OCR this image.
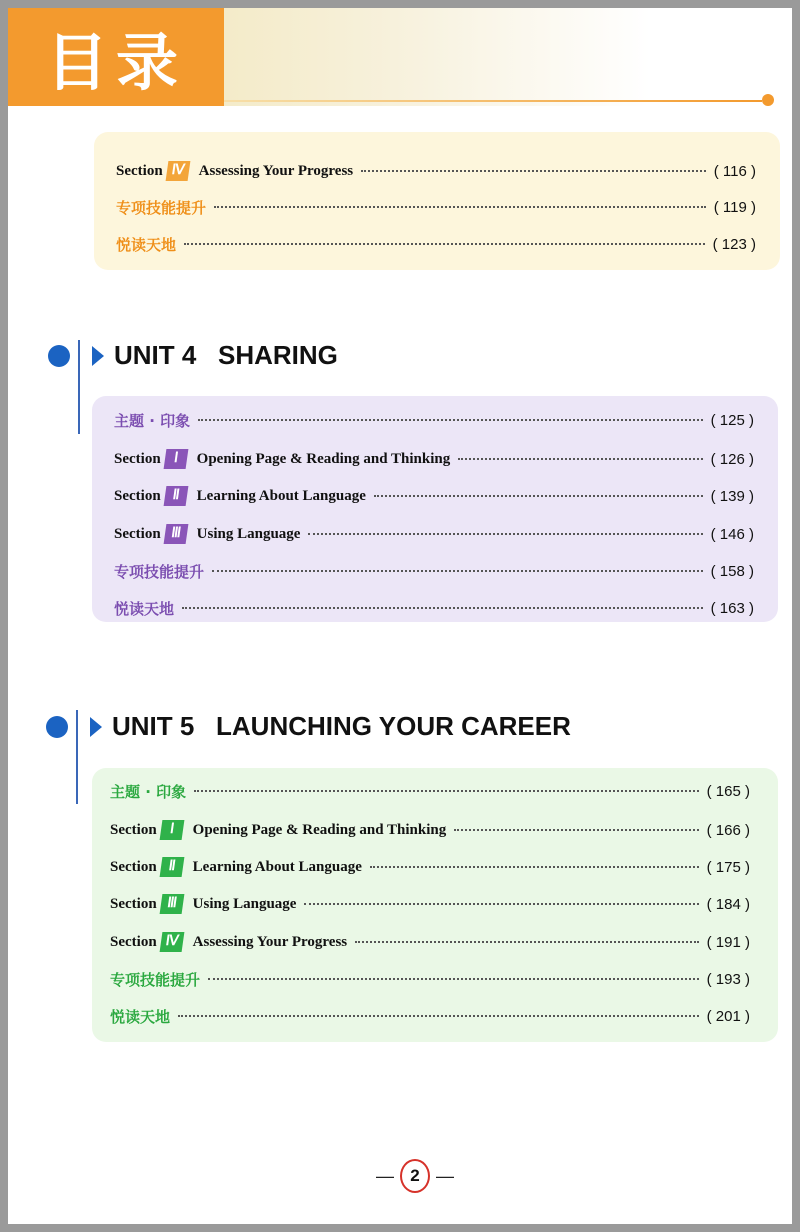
目录
Section Ⅳ Assessing Your Progress	( 116 )
专项技能提升	( 119 )
悦读天地	( 123 )
UNIT 4   SHARING
主题 · 印象	( 125 )
Section Ⅰ	Opening Page & Reading and Thinking	( 126 )
Section Ⅱ	Learning About Language	( 139 )
Section Ⅲ	Using Language	( 146 )
专项技能提升	( 158 )
悦读天地	( 163 )
UNIT 5   LAUNCHING YOUR CAREER
主题 · 印象	( 165 )
Section Ⅰ	Opening Page & Reading and Thinking	( 166 )
Section Ⅱ	Learning About Language	( 175 )
Section Ⅲ	Using Language	( 184 )
Section Ⅳ Assessing Your Progress	( 191 )
专项技能提升	( 193 )
悦读天地	( 201 )
— 2 —
